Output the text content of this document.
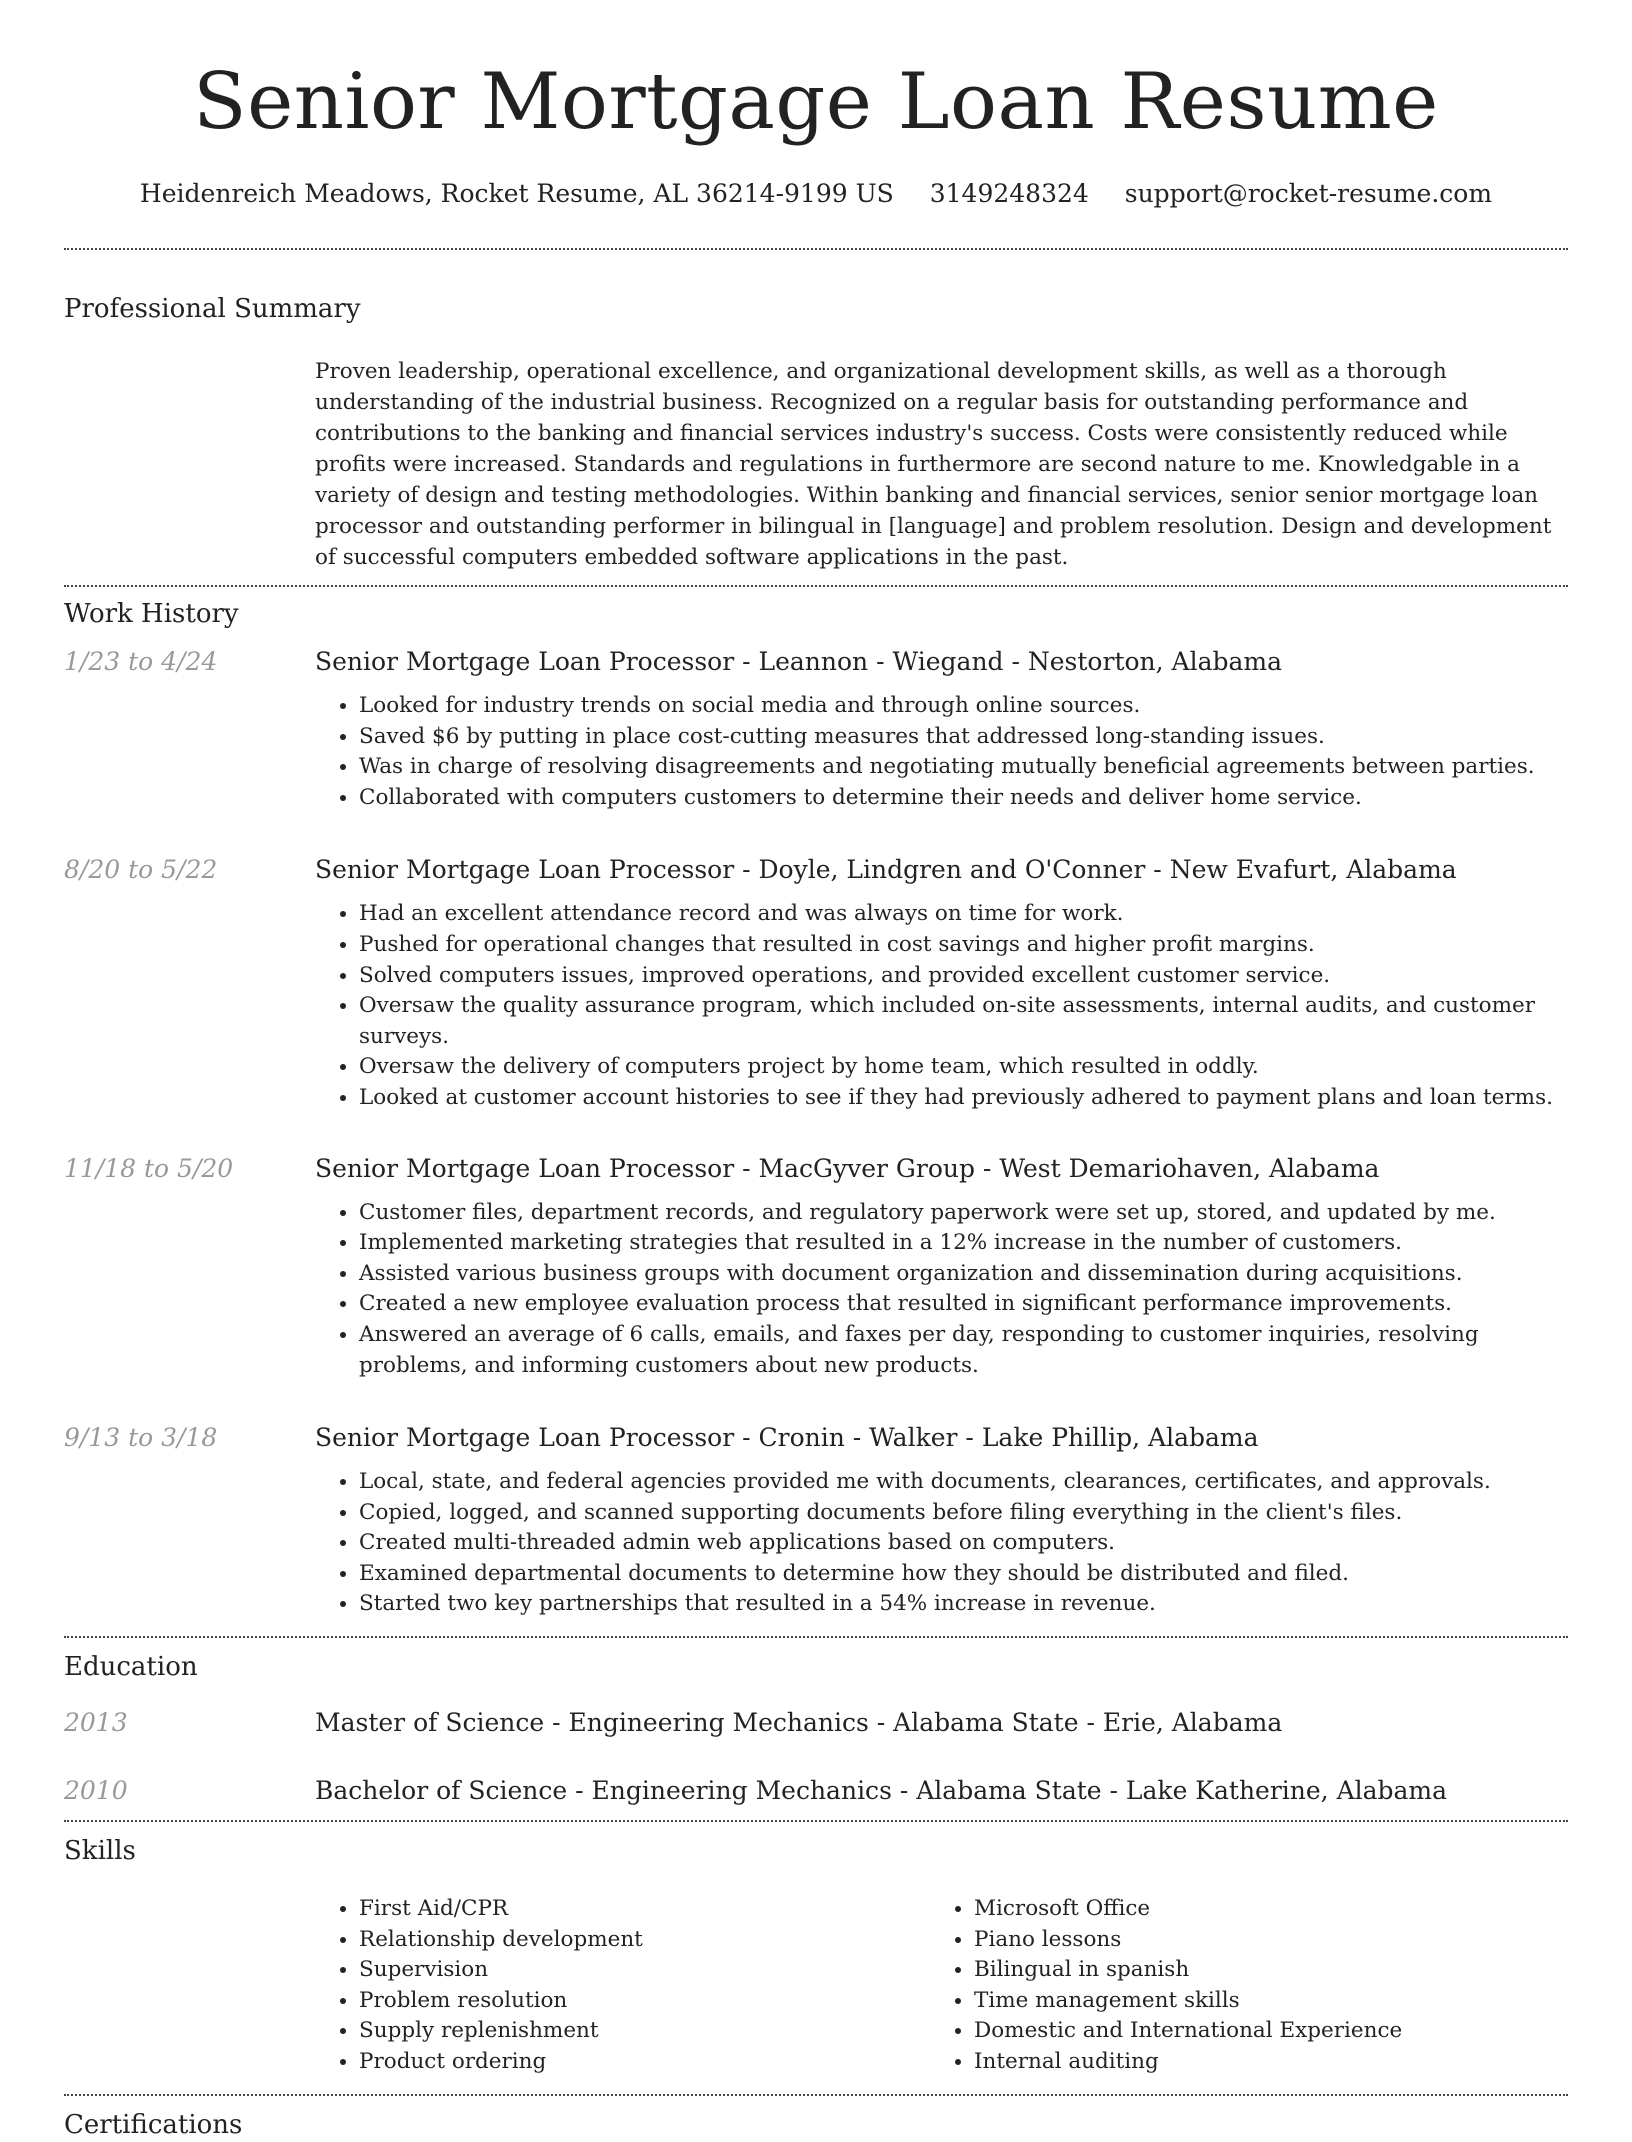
Senior Mortgage Loan Resume
Heidenreich Meadows, Rocket Resume, AL 36214-9199 US 3149248324 support@rocket-resume.com
Professional Summary
Proven leadership, operational excellence, and organizational development skills, as well as a thorough understanding of the industrial business. Recognized on a regular basis for outstanding performance and contributions to the banking and financial services industry's success. Costs were consistently reduced while profits were increased. Standards and regulations in furthermore are second nature to me. Knowledgable in a variety of design and testing methodologies. Within banking and financial services, senior senior mortgage loan processor and outstanding performer in bilingual in [language] and problem resolution. Design and development of successful computers embedded software applications in the past.
Work History
1/23 to 4/24	Senior Mortgage Loan Processor - Leannon - Wiegand - Nestorton, Alabama
• Looked for industry trends on social media and through online sources.
• Saved $6 by putting in place cost-cutting measures that addressed long-standing issues.
• Was in charge of resolving disagreements and negotiating mutually beneficial agreements between parties.
• Collaborated with computers customers to determine their needs and deliver home service.
8/20 to 5/22	Senior Mortgage Loan Processor - Doyle, Lindgren and O'Conner - New Evafurt, Alabama
• Had an excellent attendance record and was always on time for work.
• Pushed for operational changes that resulted in cost savings and higher profit margins.
• Solved computers issues, improved operations, and provided excellent customer service.
• Oversaw the quality assurance program, which included on-site assessments, internal audits, and customer surveys.
• Oversaw the delivery of computers project by home team, which resulted in oddly.
• Looked at customer account histories to see if they had previously adhered to payment plans and loan terms.
11/18 to 5/20	Senior Mortgage Loan Processor - MacGyver Group - West Demariohaven, Alabama
• Customer files, department records, and regulatory paperwork were set up, stored, and updated by me.
• Implemented marketing strategies that resulted in a 12% increase in the number of customers.
• Assisted various business groups with document organization and dissemination during acquisitions.
• Created a new employee evaluation process that resulted in significant performance improvements.
• Answered an average of 6 calls, emails, and faxes per day, responding to customer inquiries, resolving problems, and informing customers about new products.
9/13 to 3/18	Senior Mortgage Loan Processor - Cronin - Walker - Lake Phillip, Alabama
• Local, state, and federal agencies provided me with documents, clearances, certificates, and approvals.
• Copied, logged, and scanned supporting documents before filing everything in the client's files.
• Created multi-threaded admin web applications based on computers.
• Examined departmental documents to determine how they should be distributed and filed.
• Started two key partnerships that resulted in a 54% increase in revenue.
Education
2013	Master of Science - Engineering Mechanics - Alabama State - Erie, Alabama
2010	Bachelor of Science - Engineering Mechanics - Alabama State - Lake Katherine, Alabama
Skills
• First Aid/CPR
• Relationship development
• Supervision
• Problem resolution
• Supply replenishment
• Product ordering
• Microsoft Office
• Piano lessons
• Bilingual in spanish
• Time management skills
• Domestic and International Experience
• Internal auditing
Certifications
